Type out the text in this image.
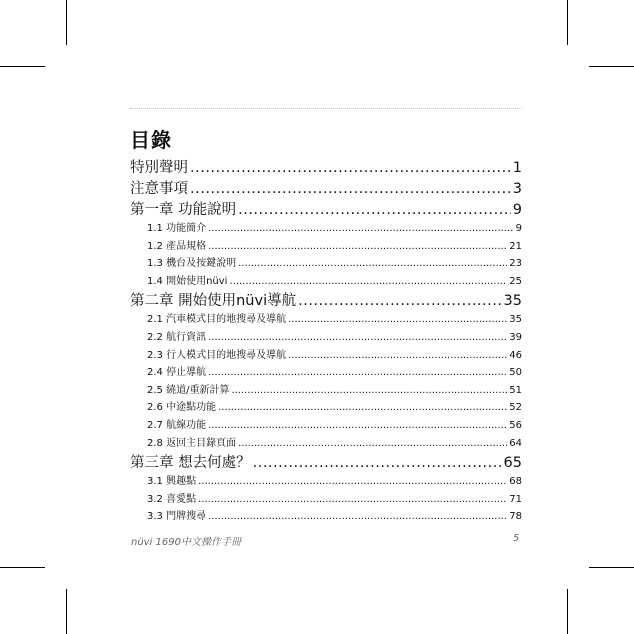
目錄
特別聲明 .....	1
注意事項 .....	3
第一章 功能說明 .....	9
1.1 功能簡介 .....	9
1.2 產品規格 .....	21
1.3 機台及按鍵說明 .....	23
1.4 開始使用nüvi .....	25
第二章 開始使用nüvi導航 .....	35
2.1 汽車模式目的地搜尋及導航 .....	35
2.2 航行資訊 .....	39
2.3 行人模式目的地搜尋及導航 .....	46
2.4 停止導航 .....	50
2.5 繞道/重新計算 .....	51
2.6 中途點功能 .....	52
2.7 航線功能 .....	56
2.8 返回主目錄頁面 .....	64
第三章 想去何處？ .....	65
3.1 興趣點 .....	68
3.2 喜愛點 .....	71
3.3 門牌搜尋 .....	78
nüvi 1690中文操作手冊	5
